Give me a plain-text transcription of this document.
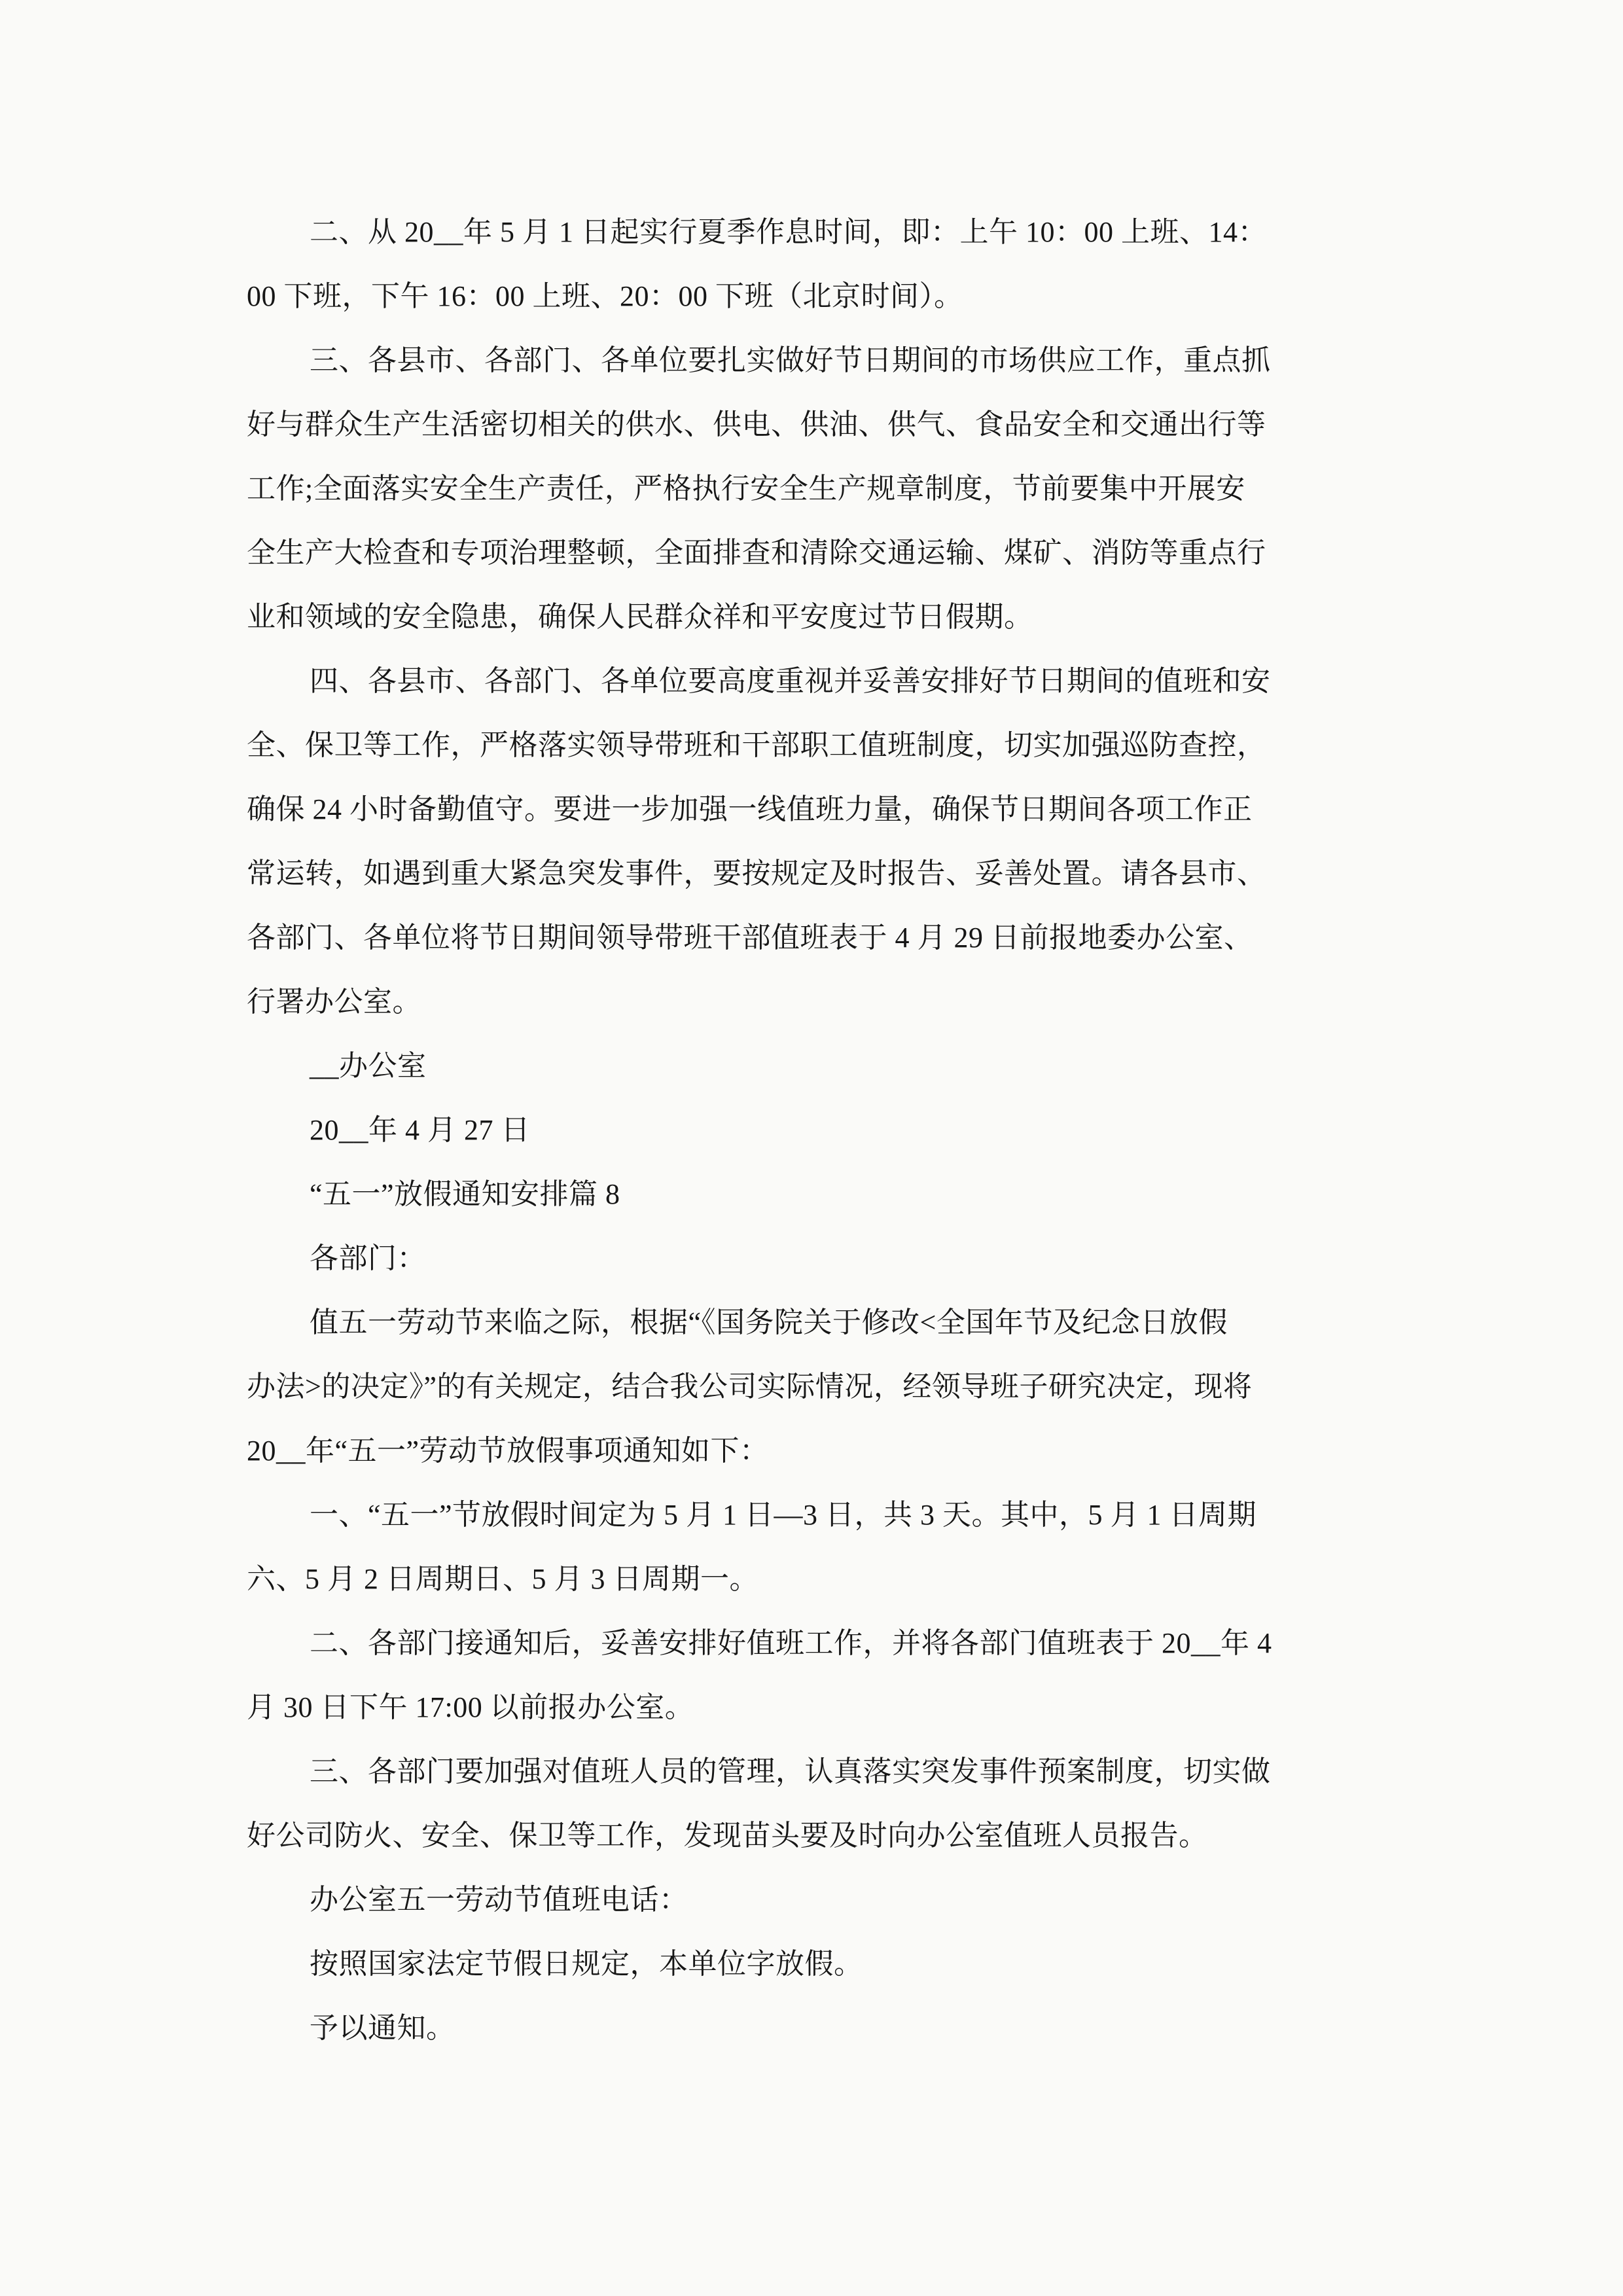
二、从 20__年 5 月 1 日起实行夏季作息时间，即：上午 10：00 上班、14：
00 下班，下午 16：00 上班、20：00 下班（北京时间）。
三、各县市、各部门、各单位要扎实做好节日期间的市场供应工作，重点抓
好与群众生产生活密切相关的供水、供电、供油、供气、食品安全和交通出行等
工作;全面落实安全生产责任，严格执行安全生产规章制度，节前要集中开展安
全生产大检查和专项治理整顿，全面排查和清除交通运输、煤矿、消防等重点行
业和领域的安全隐患，确保人民群众祥和平安度过节日假期。
四、各县市、各部门、各单位要高度重视并妥善安排好节日期间的值班和安
全、保卫等工作，严格落实领导带班和干部职工值班制度，切实加强巡防查控，
确保 24 小时备勤值守。要进一步加强一线值班力量，确保节日期间各项工作正
常运转，如遇到重大紧急突发事件，要按规定及时报告、妥善处置。请各县市、
各部门、各单位将节日期间领导带班干部值班表于 4 月 29 日前报地委办公室、
行署办公室。
__办公室
20__年 4 月 27 日
“五一”放假通知安排篇 8
各部门：
值五一劳动节来临之际，根据“《国务院关于修改<全国年节及纪念日放假
办法>的决定》”的有关规定，结合我公司实际情况，经领导班子研究决定，现将
20__年“五一”劳动节放假事项通知如下：
一、“五一”节放假时间定为 5 月 1 日—3 日，共 3 天。其中，5 月 1 日周期
六、5 月 2 日周期日、5 月 3 日周期一。
二、各部门接通知后，妥善安排好值班工作，并将各部门值班表于 20__年 4
月 30 日下午 17:00 以前报办公室。
三、各部门要加强对值班人员的管理，认真落实突发事件预案制度，切实做
好公司防火、安全、保卫等工作，发现苗头要及时向办公室值班人员报告。
办公室五一劳动节值班电话：
按照国家法定节假日规定，本单位字放假。
予以通知。
